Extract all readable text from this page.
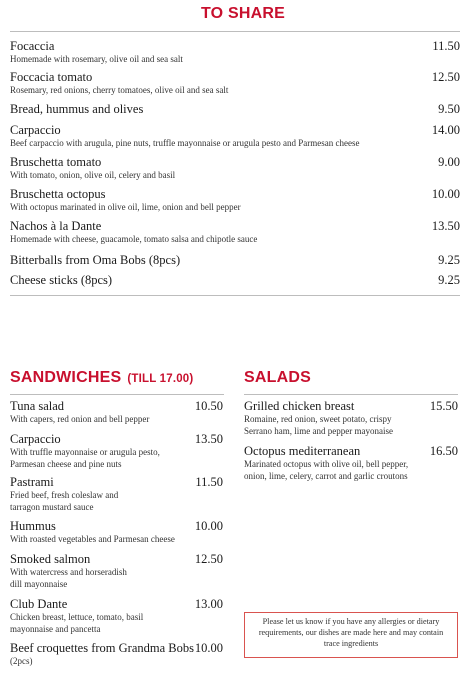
TO SHARE
Focaccia
Homemade with rosemary, olive oil and sea salt
11.50
Foccacia tomato
Rosemary, red onions, cherry tomatoes, olive oil and sea salt
12.50
Bread, hummus and olives	9.50
Carpaccio
Beef carpaccio with arugula, pine nuts, truffle mayonnaise or arugula pesto and Parmesan cheese
14.00
Bruschetta tomato
With tomato, onion, olive oil, celery and basil
9.00
Bruschetta octopus
With octopus marinated in olive oil, lime, onion and bell pepper
10.00
Nachos à la Dante
Homemade with cheese, guacamole, tomato salsa and chipotle sauce
13.50
Bitterballs from Oma Bobs (8pcs)	9.25
Cheese sticks (8pcs)	9.25
SANDWICHES (TILL 17.00)
Tuna salad
With capers, red onion and bell pepper
10.50
Carpaccio
With truffle mayonnaise or arugula pesto, Parmesan cheese and pine nuts
13.50
Pastrami
Fried beef, fresh coleslaw and tarragon mustard sauce
11.50
Hummus
With roasted vegetables and Parmesan cheese
10.00
Smoked salmon
With watercress and horseradish dill mayonnaise
12.50
Club Dante
Chicken breast, lettuce, tomato, basil mayonnaise and pancetta
13.00
Beef croquettes from Grandma Bobs
(2pcs)
10.00
SALADS
Grilled chicken breast
Romaine, red onion, sweet potato, crispy Serrano ham, lime and pepper mayonaise
15.50
Octopus mediterranean
Marinated octopus with olive oil, bell pepper, onion, lime, celery, carrot and garlic croutons
16.50
Please let us know if you have any allergies or dietary requirements, our dishes are made here and may contain trace ingredients
